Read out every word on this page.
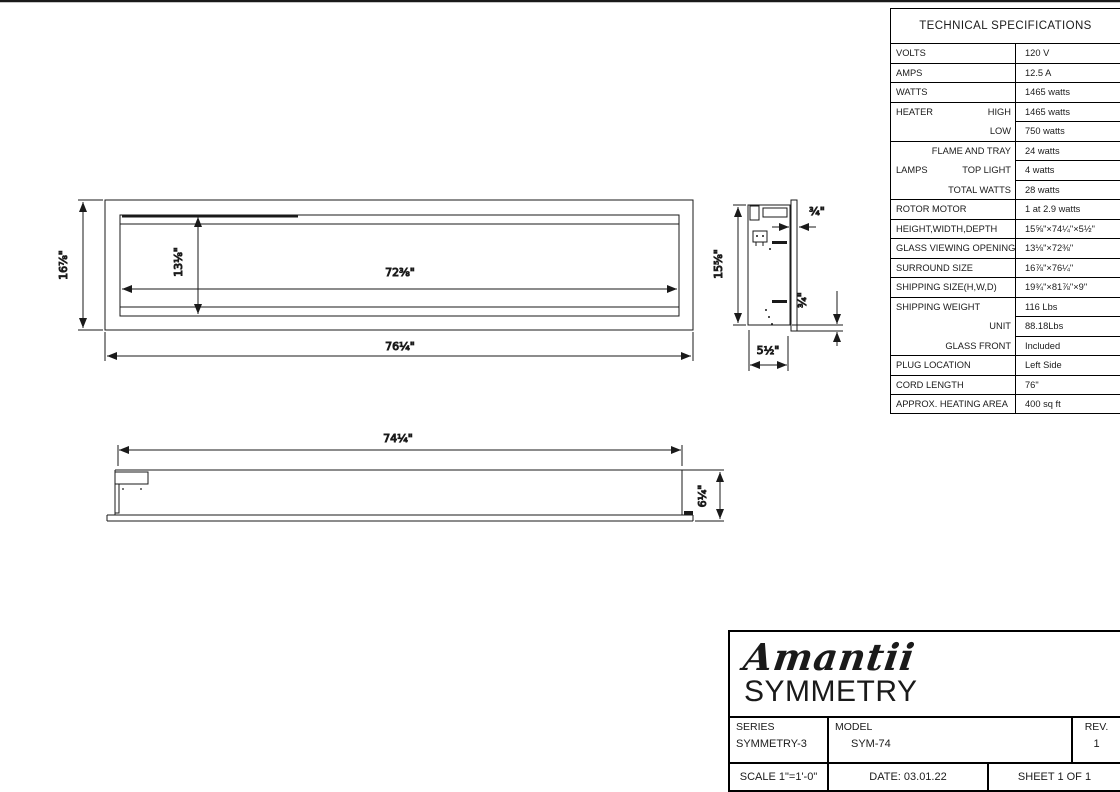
16⅞"	13⅛"	72⅜"
76¼"
15⅝"
¾"
¾"
5½"
74¼"
6¼"
TECHNICAL SPECIFICATIONS
VOLTS	120 V
AMPS	12.5 A
WATTS	1465 watts
HEATER	HIGH	1465 watts
LOW	750 watts
FLAME AND TRAY	24 watts
LAMPS	TOP LIGHT	4 watts
TOTAL WATTS	28 watts
ROTOR MOTOR	1 at 2.9 watts
HEIGHT,WIDTH,DEPTH	15⅝"×74¼"×5½"
GLASS VIEWING OPENING	13⅛"×72⅜"
SURROUND SIZE	16⅞"×76¼"
SHIPPING SIZE(H,W,D)	19¾"×81⅞"×9"
SHIPPING WEIGHT	116 Lbs
UNIT	88.18Lbs
GLASS FRONT	Included
PLUG LOCATION	Left Side
CORD LENGTH	76"
APPROX. HEATING AREA	400 sq ft
Amantii
SYMMETRY
SERIES
SYMMETRY-3
MODEL
SYM-74
REV.
1
SCALE 1"=1'-0"	DATE: 03.01.22	SHEET 1 OF 1
